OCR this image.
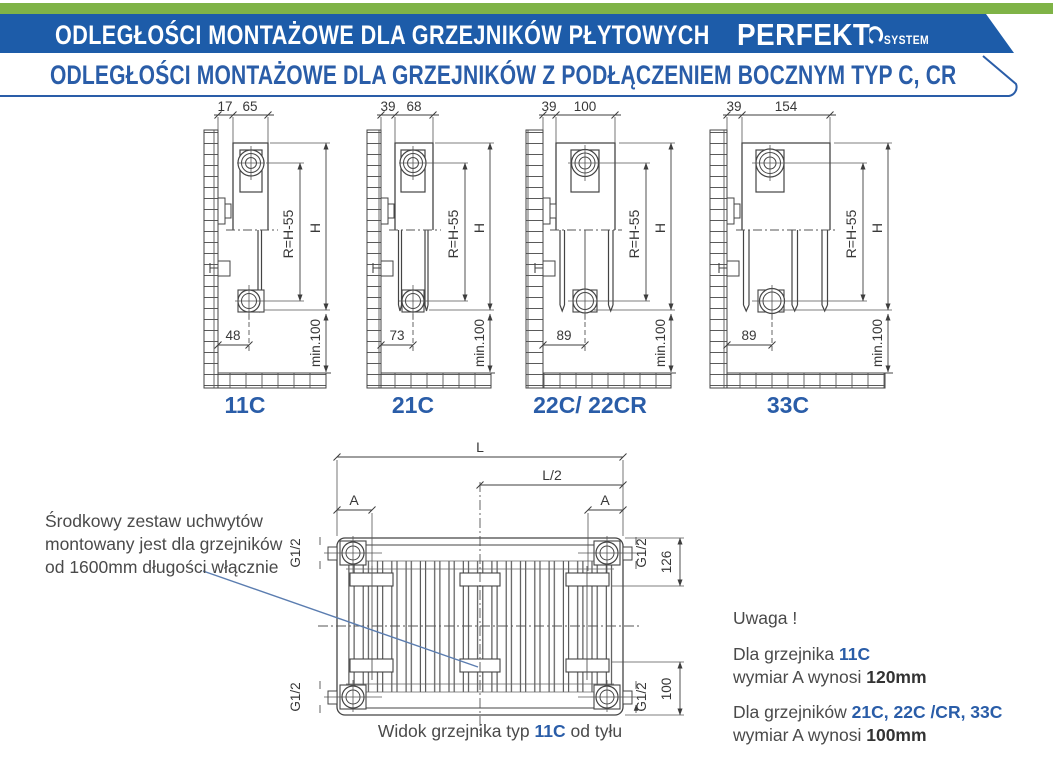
ODLEGŁOŚCI MONTAŻOWE DLA GRZEJNIKÓW PŁYTOWYCH PERFEKT SYSTEM
ODLEGŁOŚCI MONTAŻOWE DLA GRZEJNIKÓW Z PODŁĄCZENIEM BOCZNYM TYP C, CR
17 65
R=H-55 H
min.100
48
39 68
R=H-55 H
min.100
73
39 100
R=H-55 H
min.100
89
39 154
R=H-55 H
min.100
89
11C	21C	22C/ 22CR	33C
L
L/2
A	A
G1/2	G1/2
G1/2	G1/2
126
100
Widok grzejnika typ 11C od tyłu
Środkowy zestaw uchwytów
montowany jest dla grzejników
od 1600mm długości włącznie
Uwaga !
Dla grzejnika 11C
wymiar A wynosi 120mm
Dla grzejników 21C, 22C /CR, 33C
wymiar A wynosi 100mm
